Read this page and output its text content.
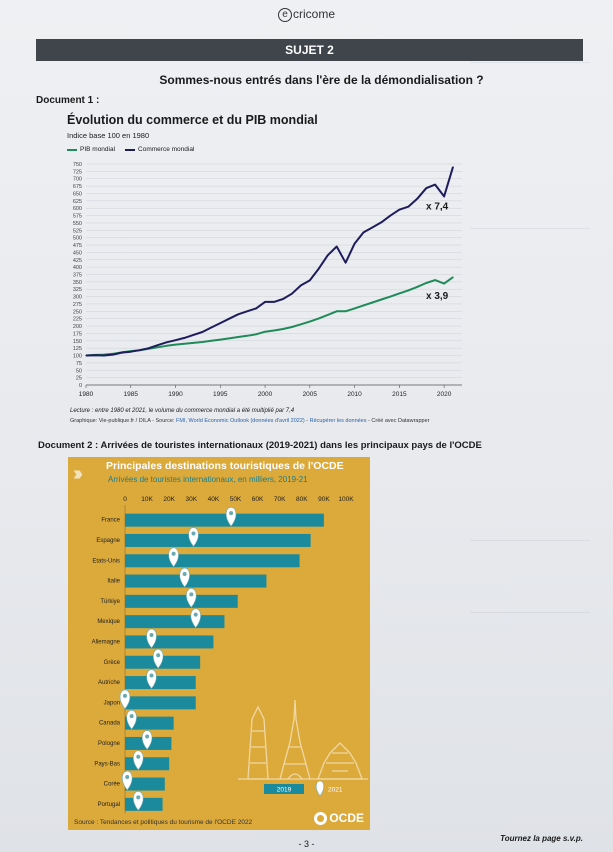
e cricome
SUJET 2
Sommes-nous entrés dans l'ère de la démondialisation ?
Document 1 :
Évolution du commerce et du PIB mondial
Indice base 100 en 1980
PIB mondial	Commerce mondial
0
25
50
75
100
125
150
175
200
225
250
275
300
325
350
375
400
425
450
475
500
525
550
575
600
625
650
675
700
725
750
1980	1985	1990	1995	2000	2005	2010	2015	2020
x 7,4
x 3,9
Lecture : entre 1980 et 2021, le volume du commerce mondial a été multiplié par 7,4
Graphique: Vie-publique.fr / DILA - Source: FMI, World Economic Outlook (données d'avril 2022) - Récupérer les données - Créé avec Datawrapper
Document 2 : Arrivées de touristes internationaux (2019-2021) dans les principaux pays de l'OCDE
0 10K 20K 30K 40K 50K 60K 70K 80K 90K 100K
France
Espagne
Etats-Unis
Italie
Türkiye
Mexique
Allemagne
Grèce
Autriche
Japon
Canada
Pologne
Pays-Bas
Corée
Portugal
2019	2021
›››	Principales destinations touristiques de l'OCDE
Arrivées de touristes internationaux, en milliers, 2019-21
Source : Tendances et politiques du tourisme de l'OCDE 2022	OCDE
- 3 -
Tournez la page s.v.p.
